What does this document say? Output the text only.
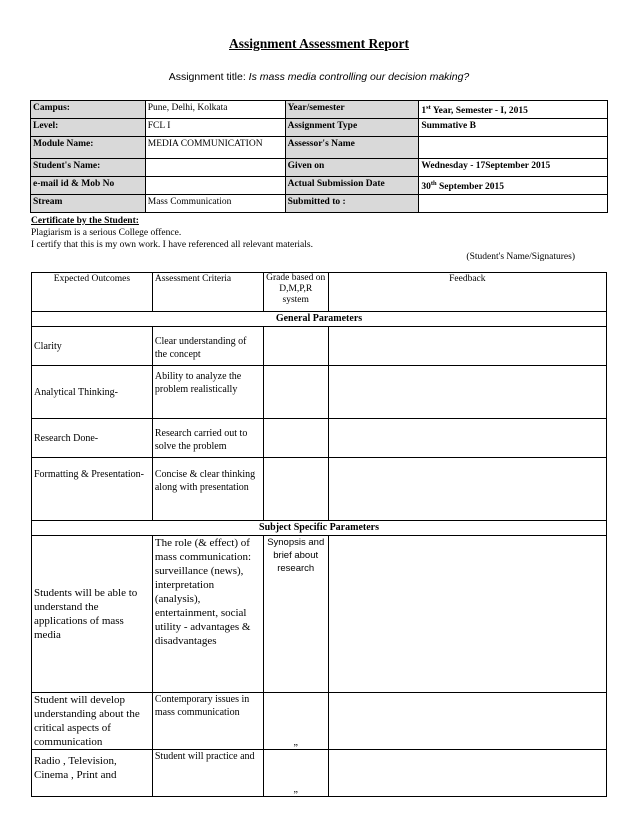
Assignment Assessment Report
Assignment title: Is mass media controlling our decision making?
Campus:	Pune, Delhi, Kolkata	Year/semester	1st Year, Semester - I, 2015
Level:	FCL I	Assignment Type	Summative B
Module Name:	MEDIA COMMUNICATION	Assessor's Name	
Student's Name:		Given on	Wednesday - 17September 2015
e-mail id & Mob No		Actual Submission Date	30th September 2015
Stream	Mass Communication	Submitted to :	
Certificate by the Student:
Plagiarism is a serious College offence.
I certify that this is my own work. I have referenced all relevant materials.
(Student's Name/Signatures)
Expected Outcomes	Assessment Criteria	Grade based on D,M,P,R system	Feedback
General Parameters			
Clarity	Clear understanding of the concept		
Analytical Thinking-	Ability to analyze the problem realistically		
Research Done-	Research carried out to solve the problem		
Formatting & Presentation-	Concise & clear thinking along with presentation		
Subject Specific Parameters			
Students will be able to understand the applications of mass media	The role (& effect) of mass communication: surveillance (news), interpretation (analysis), entertainment, social utility - advantages & disadvantages	Synopsis and brief about research	
Student will develop understanding about the critical aspects of communication	Contemporary issues in mass communication	„	
Radio , Television, Cinema , Print and	Student will practice and	„	
